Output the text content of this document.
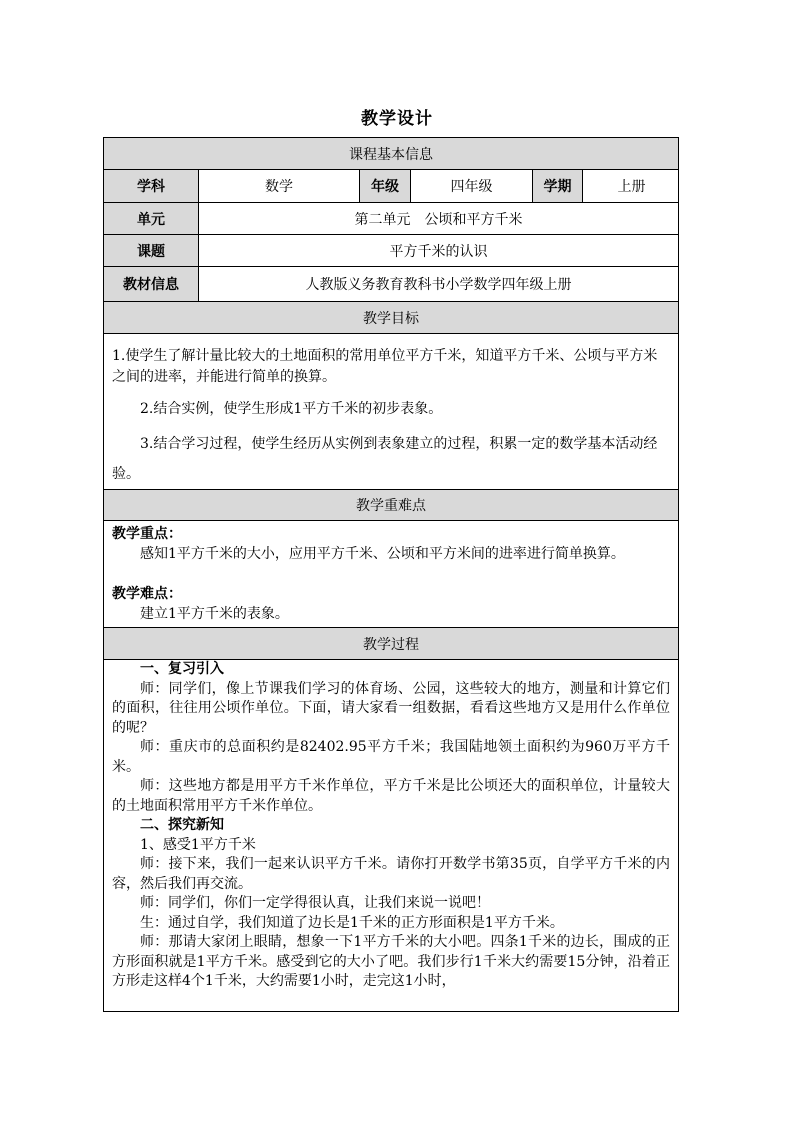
教学设计
课程基本信息
学科	数学	年级	四年级	学期	上册
单元	第二单元　公顷和平方千米
课题	平方千米的认识
教材信息	人教版义务教育教科书小学数学四年级上册
教学目标
1.使学生了解计量比较大的土地面积的常用单位平方千米，知道平方千米、公顷与平方米之间的进率，并能进行简单的换算。
2.结合实例，使学生形成1平方千米的初步表象。
3.结合学习过程，使学生经历从实例到表象建立的过程，积累一定的数学基本活动经验。
教学重难点
教学重点：
感知1平方千米的大小，应用平方千米、公顷和平方米间的进率进行简单换算。
教学难点：
建立1平方千米的表象。
教学过程

一、复习引入

师：同学们，像上节课我们学习的体育场、公园，这些较大的地方，测量和计算它们的面积，往往用公顷作单位。下面，请大家看一组数据，看看这些地方又是用什么作单位的呢？

师：重庆市的总面积约是82402.95平方千米；我国陆地领土面积约为960万平方千米。

师：这些地方都是用平方千米作单位，平方千米是比公顷还大的面积单位，计量较大的土地面积常用平方千米作单位。

二、探究新知

1、感受1平方千米

师：接下来，我们一起来认识平方千米。请你打开数学书第35页，自学平方千米的内容，然后我们再交流。

师：同学们，你们一定学得很认真，让我们来说一说吧！

生：通过自学，我们知道了边长是1千米的正方形面积是1平方千米。

师：那请大家闭上眼睛，想象一下1平方千米的大小吧。四条1千米的边长，围成的正方形面积就是1平方千米。感受到它的大小了吧。我们步行1千米大约需要15分钟，沿着正方形走这样4个1千米，大约需要1小时，走完这1小时，
